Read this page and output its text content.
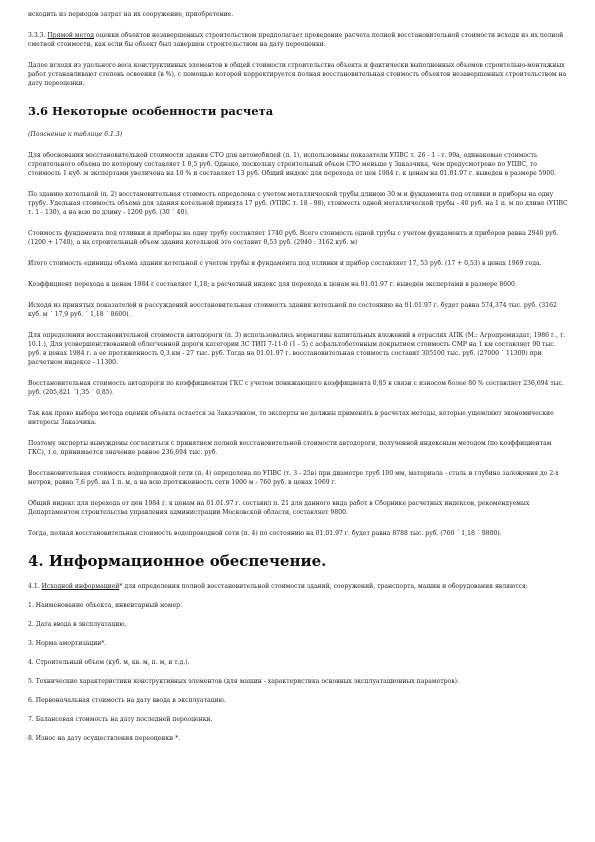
исходить из периодов затрат на их сооружение, приобретение.

3.3.3. Прямой метод оценки объектов незавершенных строительством предполагает проведение расчета полной восстановительной стоимости исходя из их полной сметной стоимости, как если бы объект был завершен строительством на дату переоценки.

Далее исходя из удельного веса конструктивных элементов в общей стоимости строительства объекта и фактически выполненных объемов строительно-монтажных работ устанавливают степень освоения (в %), с помощью которой корректируется полная восстановительная стоимость объектов незавершенных строительством на дату переоценки.

3.6 Некоторые особенности расчета

(Пояснение к таблице 6.1.3)

Для обоснования восстановительной стоимости здания СТО для автомобилей (п. 1), использованы показатели УПВС т. 26 - 1 - т. 99а, одинаковые стоимость строительного объема по которому составляет 1 0,5 руб. Однако, поскольку строительный объем СТО меньше у Заказчика, чем предусмотрено по УПВС, то стоимость 1 куб. м экспертами увеличена на 10 % и составляет 13 руб. Общий индекс для перехода от цен 1984 г. к ценам на 01.01.97 г. выведен в размере 5900.

По зданию котельной (п. 2) восстановительная стоимость определена с учетом металлической трубы длиною 30 м и фундамента под отливки и приборы на одну трубу. Удельная стоимость объема для здания котельной принята 17 руб. (УПВС т. 18 - 98), стоимость одной металлической трубы - 40 руб. на 1 п. м по длине (УПВС т. 1 - 130), а на всю по длину - 1200 руб. (30 ´ 40).

Стоимость фундамента под отливки и приборы на одну трубу составляет 1740 руб. Всего стоимость одной трубы с учетом фундамента и приборов равна 2940 руб. (1200 + 1740), а на строительный объем здания котельной это составит 0,53 руб. (2940 : 3162 куб. м)

Итого стоимость единицы объема здания котельной с учетом трубы и фундамента под отливки и прибор составляет 17, 53 руб. (17 + 0,53) в ценах 1969 года.

Коэффициент перехода к ценам 1984 г составляет 1,18; а расчетный индекс для перехода к ценам на 01.01.97 г. выведен экспертами в размере 8600.

Исходя из принятых показателей и рассуждений восстановительная стоимость здания котельной по состоянию на 01.01.97 г. будет равна 574,374 тыс. руб. (3162 куб. м ´ 17,9 руб. ´ 1,18 ´ 8600).

Для определения восстановительной стоимости автодороги (п. 3) использовались нормативы капитальных вложений в отраслях АПК (М.: Агропромиздат, 1986 г., т. 10.1.), Для усовершенствованной облегченной дороги категории 3С ТИП 7-11-0 (1 - 5) с асфальтобетонным покрытием стоимость СМР на 1 км составляет 90 тыс. руб. в ценах 1984 г. а ее протяженность 0,3 км - 27 тыс. руб. Тогда на 01.01.97 г. восстановительная стоимость составит 305100 тыс. руб. (27000 ´ 11300) при расчетном индексе - 11300.

Восстановительная стоимость автодороги по коэффициентам ГКС с учетом понижающего коэффициента 0,85 в связи с износом более 80 % составляет 236,694 тыс. руб. (205,821 ´1,35 ´ 0,85).

Так как право выбора метода оценки объекта остается за Заказчиком, то эксперты не должны применять в расчетах методы, которые ущемляют экономические интересы Заказчика.

Поэтому эксперты вынуждены согласиться с принятием полной восстановительной стоимости автодороги, полученной индексным методом (по коэффициентам ГКС), т.е. принимается значение равное 236,694 тыс. руб.

Восстановительная стоимость водопроводной сети (п. 4) определена по УПВС (т. 3 - 25в) при диаметре труб 100 мм, материала - сталь и глубине заложения до 2-х метров, равна 7,6 руб. на 1 п. м, а на всю протяженность сети 1000 м - 760 руб. в ценах 1969 г.

Общий индекс для перехода от цен 1984 г. к ценам на 01.01.97 г. составил п. 21 для данного вида работ в Сборнике расчетных индексов, рекомендуемых Департаментом строительства управления администрации Московской области, составляет 9800.

Тогда, полная восстановительная стоимость водопроводной сети (п. 4) по состоянию на 01.01.97 г. будет равна 8788 тыс. руб. (760 ´ 1,18 ´ 9800).

4. Информационное обеспечение.

4.1. Исходной информацией* для определения полной восстановительной стоимости зданий, сооружений, транспорта, машин и оборудования являются:

1. Наименование объекта, инвентарный номер.

2. Дата ввода в эксплуатацию.

3. Норма амортизации*.

4. Строительный объем (куб. м, кв. м, п. м, и т.д.).

5. Технические характеристики конструктивных элементов (для машин - характеристика основных эксплуатационных параметров).

6. Первоначальная стоимость на дату ввода в эксплуатацию.

7. Балансовая стоимость на дату последней переоценки.

8. Износ на дату осуществления переоценки *.
